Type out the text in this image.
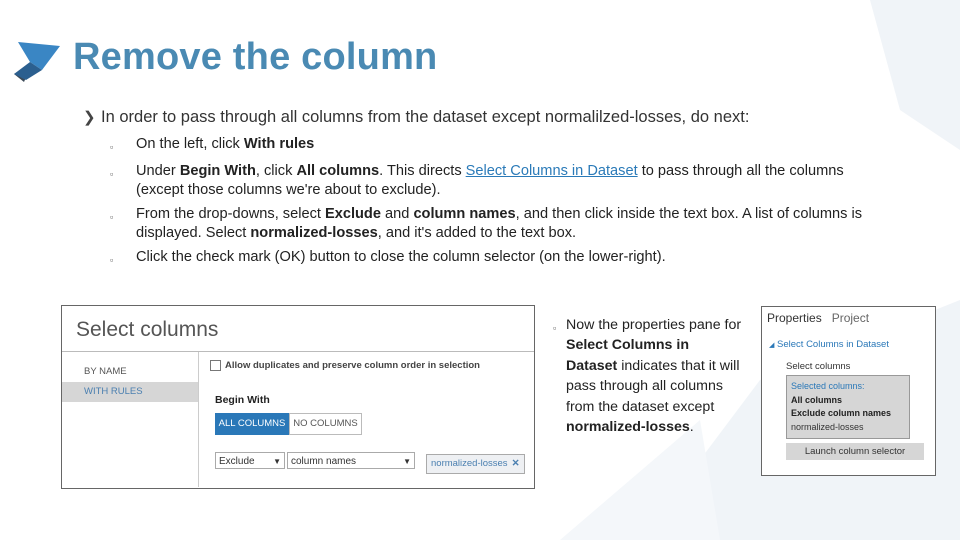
Remove the column
❯ In order to pass through all columns from the dataset except normalilzed-losses, do next:
▫	On the left, click With rules
▫	Under Begin With, click All columns. This directs Select Columns in Dataset to pass through all the columns (except those columns we're about to exclude).
▫	From the drop-downs, select Exclude and column names, and then click inside the text box. A list of columns is displayed. Select normalized-losses, and it's added to the text box.
▫	Click the check mark (OK) button to close the column selector (on the lower-right).
Select columns
BY NAME
WITH RULES
Allow duplicates and preserve column order in selection
Begin With
ALL COLUMNS NO COLUMNS
Exclude ▼	column names	▼	normalized-losses ✕
▫ Now the properties pane for Select Columns in Dataset indicates that it will pass through all columns from the dataset except normalized-losses.
Properties Project
◢ Select Columns in Dataset
Select columns
Selected columns:
All columns
Exclude column names
normalized-losses
Launch column selector
